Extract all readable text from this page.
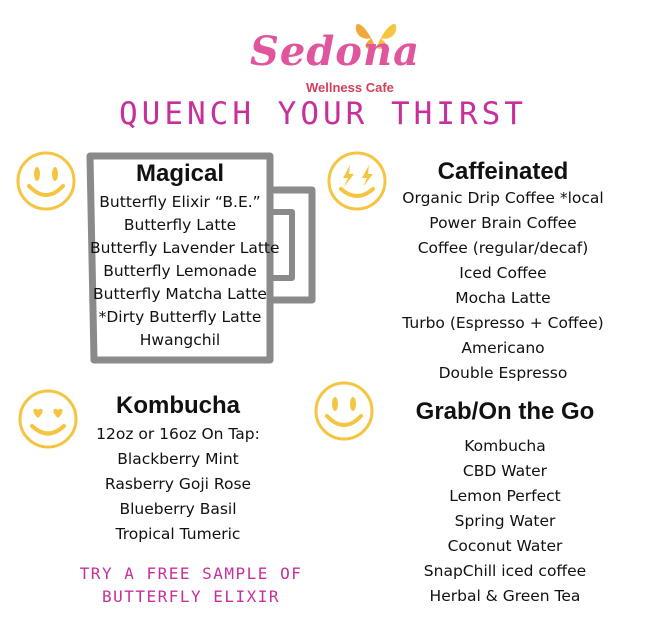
Sedona
Wellness Cafe
QUENCH YOUR THIRST
Magical
Butterfly Elixir “B.E.”
Butterfly Latte
Butterfly Lavender Latte
Butterfly Lemonade
Butterfly Matcha Latte
*Dirty Butterfly Latte
Hwangchil
Caffeinated
Organic Drip Coffee *local
Power Brain Coffee
Coffee (regular/decaf)
Iced Coffee
Mocha Latte
Turbo (Espresso + Coffee)
Americano
Double Espresso
Kombucha
12oz or 16oz On Tap:
Blackberry Mint
Rasberry Goji Rose
Blueberry Basil
Tropical Tumeric
Grab/On the Go
Kombucha
CBD Water
Lemon Perfect
Spring Water
Coconut Water
SnapChill iced coffee
Herbal & Green Tea
TRY A FREE SAMPLE OF
BUTTERFLY ELIXIR
